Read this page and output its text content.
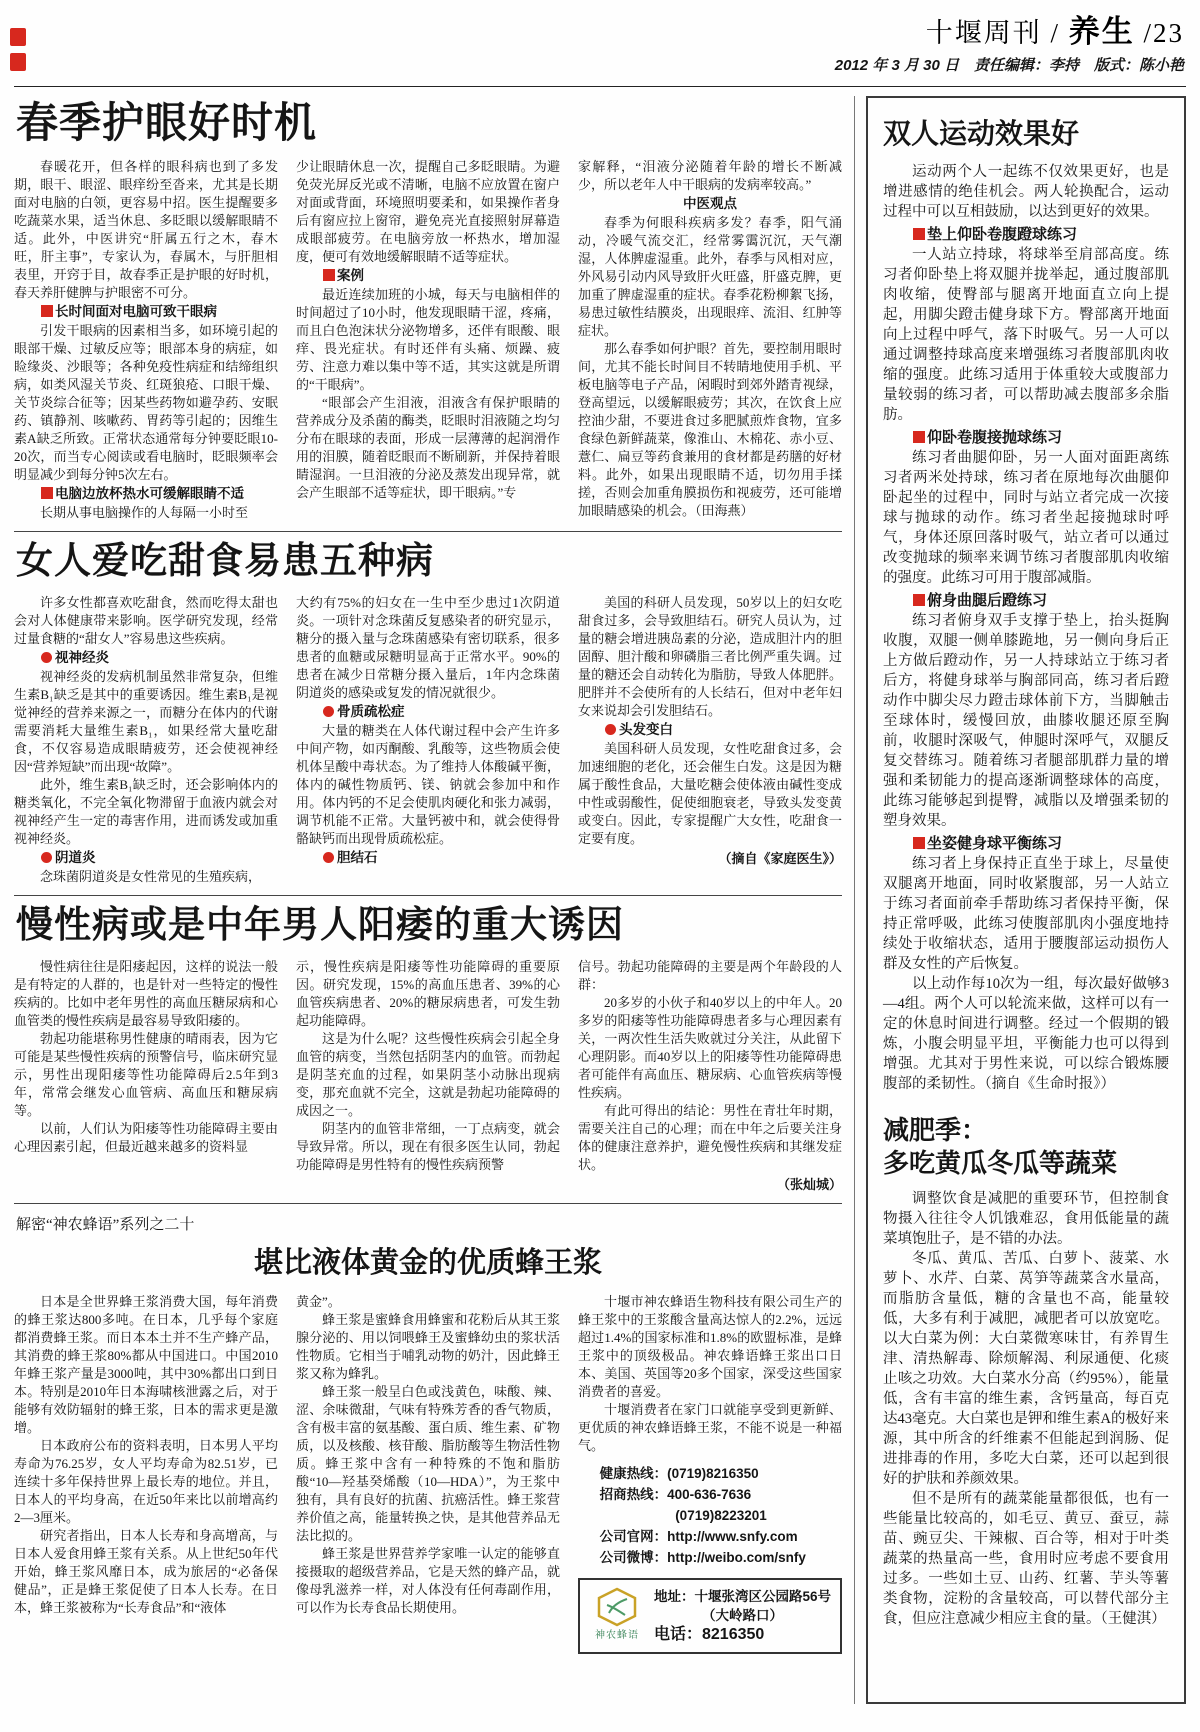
十堰周刊 / 养生 /23
2012 年 3 月 30 日　责任编辑：李持　版式：陈小艳
春季护眼好时机

春暖花开，但各样的眼科病也到了多发期，眼干、眼涩、眼痒纷至沓来，尤其是长期面对电脑的白领，更容易中招。医生提醒要多吃蔬菜水果，适当休息、多眨眼以缓解眼睛不适。此外，中医讲究“肝属五行之木，春木旺，肝主事”，专家认为，春属木，与肝胆相表里，开窍于目，故春季正是护眼的好时机，春天养肝健脾与护眼密不可分。

长时间面对电脑可致干眼病

引发干眼病的因素相当多，如环境引起的眼部干燥、过敏反应等；眼部本身的病症，如睑缘炎、沙眼等；各种免疫性病症和结缔组织病，如类风湿关节炎、红斑狼疮、口眼干燥、关节炎综合征等；因某些药物如避孕药、安眠药、镇静剂、咳嗽药、胃药等引起的；因维生素A缺乏所致。正常状态通常每分钟要眨眼10-20次，而当专心阅读或看电脑时，眨眼频率会明显减少到每分钟5次左右。

电脑边放杯热水可缓解眼睛不适

长期从事电脑操作的人每隔一小时至

少让眼睛休息一次，提醒自己多眨眼睛。为避免荧光屏反光或不清晰，电脑不应放置在窗户对面或背面，环境照明要柔和，如果操作者身后有窗应拉上窗帘，避免亮光直接照射屏幕造成眼部疲劳。在电脑旁放一杯热水，增加湿度，便可有效地缓解眼睛不适等症状。

案例

最近连续加班的小城，每天与电脑相伴的时间超过了10小时，他发现眼睛干涩，疼痛，而且白色泡沫状分泌物增多，还伴有眼酸、眼痒、畏光症状。有时还伴有头痛、烦躁、疲劳、注意力难以集中等不适，其实这就是所谓的“干眼病”。

“眼部会产生泪液，泪液含有保护眼睛的营养成分及杀菌的酶类，眨眼时泪液随之均匀分布在眼球的表面，形成一层薄薄的起润滑作用的泪膜，随着眨眼而不断刷新，并保持着眼睛湿润。一旦泪液的分泌及蒸发出现异常，就会产生眼部不适等症状，即干眼病。”专

家解释，“泪液分泌随着年龄的增长不断减少，所以老年人中干眼病的发病率较高。”

中医观点

春季为何眼科疾病多发？春季，阳气涌动，冷暖气流交汇，经常雾霭沉沉，天气潮湿，人体脾虚湿重。此外，春季与风相对应，外风易引动内风导致肝火旺盛，肝盛克脾，更加重了脾虚湿重的症状。春季花粉柳絮飞扬，易患过敏性结膜炎，出现眼痒、流泪、红肿等症状。

那么春季如何护眼？首先，要控制用眼时间，尤其不能长时间目不转睛地使用手机、平板电脑等电子产品，闲暇时到郊外踏青视绿，登高望远，以缓解眼疲劳；其次，在饮食上应控油少甜，不要进食过多肥腻煎炸食物，宜多食绿色新鲜蔬菜，像淮山、木棉花、赤小豆、薏仁、扁豆等药食兼用的食材都是药膳的好材料。此外，如果出现眼睛不适，切勿用手揉搓，否则会加重角膜损伤和视疲劳，还可能增加眼睛感染的机会。（田海燕）

女人爱吃甜食易患五种病

许多女性都喜欢吃甜食，然而吃得太甜也会对人体健康带来影响。医学研究发现，经常过量食糖的“甜女人”容易患这些疾病。

视神经炎

视神经炎的发病机制虽然非常复杂，但维生素B₁缺乏是其中的重要诱因。维生素B₁是视觉神经的营养来源之一，而糖分在体内的代谢需要消耗大量维生素B₁，如果经常大量吃甜食，不仅容易造成眼睛疲劳，还会使视神经因“营养短缺”而出现“故障”。

此外，维生素B₁缺乏时，还会影响体内的糖类氧化，不完全氧化物滞留于血液内就会对视神经产生一定的毒害作用，进而诱发或加重视神经炎。

阴道炎

念珠菌阴道炎是女性常见的生殖疾病，

大约有75%的妇女在一生中至少患过1次阴道炎。一项针对念珠菌反复感染者的研究显示，糖分的摄入量与念珠菌感染有密切联系，很多患者的血糖或尿糖明显高于正常水平。90%的患者在减少日常糖分摄入量后，1年内念珠菌阴道炎的感染或复发的情况就很少。

骨质疏松症

大量的糖类在人体代谢过程中会产生许多中间产物，如丙酮酸、乳酸等，这些物质会使机体呈酸中毒状态。为了维持人体酸碱平衡，体内的碱性物质钙、镁、钠就会参加中和作用。体内钙的不足会使肌肉硬化和张力减弱，调节机能不正常。大量钙被中和，就会使得骨骼缺钙而出现骨质疏松症。

胆结石

美国的科研人员发现，50岁以上的妇女吃甜食过多，会导致胆结石。研究人员认为，过量的糖会增进胰岛素的分泌，造成胆汁内的胆固醇、胆汁酸和卵磷脂三者比例严重失调。过量的糖还会自动转化为脂肪，导致人体肥胖。肥胖并不会使所有的人长结石，但对中老年妇女来说却会引发胆结石。

头发变白

美国科研人员发现，女性吃甜食过多，会加速细胞的老化，还会催生白发。这是因为糖属于酸性食品，大量吃糖会使体液由碱性变成中性或弱酸性，促使细胞衰老，导致头发变黄或变白。因此，专家提醒广大女性，吃甜食一定要有度。

（摘自《家庭医生》）
慢性病或是中年男人阳痿的重大诱因

慢性病往往是阳痿起因，这样的说法一般是有特定的人群的，也是针对一些特定的慢性疾病的。比如中老年男性的高血压糖尿病和心血管类的慢性疾病是最容易导致阳痿的。

勃起功能堪称男性健康的晴雨表，因为它可能是某些慢性疾病的预警信号，临床研究显示，男性出现阳痿等性功能障碍后2.5年到3年，常常会继发心血管病、高血压和糖尿病等。

以前，人们认为阳痿等性功能障碍主要由心理因素引起，但最近越来越多的资料显

示，慢性疾病是阳痿等性功能障碍的重要原因。研究发现，15%的高血压患者、39%的心血管疾病患者、20%的糖尿病患者，可发生勃起功能障碍。

这是为什么呢？这些慢性疾病会引起全身血管的病变，当然包括阴茎内的血管。而勃起是阴茎充血的过程，如果阴茎小动脉出现病变，那充血就不完全，这就是勃起功能障碍的成因之一。

阴茎内的血管非常细，一丁点病变，就会导致异常。所以，现在有很多医生认同，勃起功能障碍是男性特有的慢性疾病预警

信号。勃起功能障碍的主要是两个年龄段的人群：

20多岁的小伙子和40岁以上的中年人。20多岁的阳痿等性功能障碍患者多与心理因素有关，一两次性生活失败就过分关注，从此留下心理阴影。而40岁以上的阳痿等性功能障碍患者可能伴有高血压、糖尿病、心血管疾病等慢性疾病。

有此可得出的结论：男性在青壮年时期，需要关注自己的心理；而在中年之后要关注身体的健康注意养护，避免慢性疾病和其继发症状。

（张灿城）
解密“神农蜂语”系列之二十
堪比液体黄金的优质蜂王浆

日本是全世界蜂王浆消费大国，每年消费的蜂王浆达800多吨。在日本，几乎每个家庭都消费蜂王浆。而日本本土并不生产蜂产品，其消费的蜂王浆80%都从中国进口。中国2010年蜂王浆产量是3000吨，其中30%都出口到日本。特别是2010年日本海啸核泄露之后，对于能够有效防辐射的蜂王浆，日本的需求更是激增。

日本政府公布的资料表明，日本男人平均寿命为76.25岁，女人平均寿命为82.51岁，已连续十多年保持世界上最长寿的地位。并且，日本人的平均身高，在近50年来比以前增高约2—3厘米。

研究者指出，日本人长寿和身高增高，与日本人爱食用蜂王浆有关系。从上世纪50年代开始，蜂王浆风靡日本，成为旅居的“必备保健品”，正是蜂王浆促使了日本人长寿。在日本，蜂王浆被称为“长寿食品”和“液体

黄金”。

蜂王浆是蜜蜂食用蜂蜜和花粉后从其王浆腺分泌的、用以饲喂蜂王及蜜蜂幼虫的浆状活性物质。它相当于哺乳动物的奶汁，因此蜂王浆又称为蜂乳。

蜂王浆一般呈白色或浅黄色，味酸、辣、涩、余味微甜，气味有特殊芳香的香气物质，含有极丰富的氨基酸、蛋白质、维生素、矿物质，以及核酸、核苷酸、脂肪酸等生物活性物质。蜂王浆中含有一种特殊的不饱和脂肪酸“10—羟基癸烯酸（10—HDA）”，为王浆中独有，具有良好的抗菌、抗癌活性。蜂王浆营养价值之高，能量转换之快，是其他营养品无法比拟的。

蜂王浆是世界营养学家唯一认定的能够直接摄取的超级营养品，它是天然的蜂产品，就像母乳滋养一样，对人体没有任何毒副作用，可以作为长寿食品长期使用。

十堰市神农蜂语生物科技有限公司生产的蜂王浆中的王浆酸含量高达惊人的2.2%，远远超过1.4%的国家标准和1.8%的欧盟标准，是蜂王浆中的顶级极品。神农蜂语蜂王浆出口日本、美国、英国等20多个国家，深受这些国家消费者的喜爱。

十堰消费者在家门口就能享受到更新鲜、更优质的神农蜂语蜂王浆，不能不说是一种福气。

健康热线：(0719)8216350
招商热线：400-636-7636
(0719)8223201
公司官网：http://www.snfy.com
公司微博：http://weibo.com/snfy
神农蜂语
地址：十堰张湾区公园路56号
（大岭路口）
电话：8216350
双人运动效果好

运动两个人一起练不仅效果更好，也是增进感情的绝佳机会。两人轮换配合，运动过程中可以互相鼓励，以达到更好的效果。

垫上仰卧卷腹蹬球练习

一人站立持球，将球举至肩部高度。练习者仰卧垫上将双腿并拢举起，通过腹部肌肉收缩，使臀部与腿离开地面直立向上提起，用脚尖蹬击健身球下方。臀部离开地面向上过程中呼气，落下时吸气。另一人可以通过调整持球高度来增强练习者腹部肌肉收缩的强度。此练习适用于体重较大或腹部力量较弱的练习者，可以帮助减去腹部多余脂肪。

仰卧卷腹接抛球练习

练习者曲腿仰卧，另一人面对面距离练习者两米处持球，练习者在原地每次曲腿仰卧起坐的过程中，同时与站立者完成一次接球与抛球的动作。练习者坐起接抛球时呼气，身体还原回落时吸气，站立者可以通过改变抛球的频率来调节练习者腹部肌肉收缩的强度。此练习可用于腹部减脂。

俯身曲腿后蹬练习

练习者俯身双手支撑于垫上，抬头挺胸收腹，双腿一侧单膝跪地，另一侧向身后正上方做后蹬动作，另一人持球站立于练习者后方，将健身球举与胸部同高，练习者后蹬动作中脚尖尽力蹬击球体前下方，当脚触击至球体时，缓慢回放，曲膝收腿还原至胸前，收腿时深吸气，伸腿时深呼气，双腿反复交替练习。随着练习者腿部肌群力量的增强和柔韧能力的提高逐渐调整球体的高度，此练习能够起到提臀，减脂以及增强柔韧的塑身效果。

坐姿健身球平衡练习

练习者上身保持正直坐于球上，尽量使双腿离开地面，同时收紧腹部，另一人站立于练习者面前牵手帮助练习者保持平衡，保持正常呼吸，此练习使腹部肌肉小强度地持续处于收缩状态，适用于腰腹部运动损伤人群及女性的产后恢复。

以上动作每10次为一组，每次最好做够3—4组。两个人可以轮流来做，这样可以有一定的休息时间进行调整。经过一个假期的锻炼，小腹会明显平坦，平衡能力也可以得到增强。尤其对于男性来说，可以综合锻炼腰腹部的柔韧性。（摘自《生命时报》）

减肥季：
多吃黄瓜冬瓜等蔬菜

调整饮食是减肥的重要环节，但控制食物摄入往往令人饥饿难忍，食用低能量的蔬菜填饱肚子，是不错的办法。

冬瓜、黄瓜、苦瓜、白萝卜、菠菜、水萝卜、水芹、白菜、莴笋等蔬菜含水量高，而脂肪含量低，糖的含量也不高，能量较低，大多有利于减肥，减肥者可以放宽吃。以大白菜为例：大白菜微寒味甘，有养胃生津、清热解毒、除烦解渴、利尿通便、化痰止咳之功效。大白菜水分高（约95%），能量低，含有丰富的维生素，含钙量高，每百克达43毫克。大白菜也是钾和维生素A的极好来源，其中所含的纤维素不但能起到润肠、促进排毒的作用，多吃大白菜，还可以起到很好的护肤和养颜效果。

但不是所有的蔬菜能量都很低，也有一些能量比较高的，如毛豆、黄豆、蚕豆，蒜苗、豌豆尖、干辣椒、百合等，相对于叶类蔬菜的热量高一些，食用时应考虑不要食用过多。一些如土豆、山药、红薯、芋头等薯类食物，淀粉的含量较高，可以替代部分主食，但应注意减少相应主食的量。（王健淇）
